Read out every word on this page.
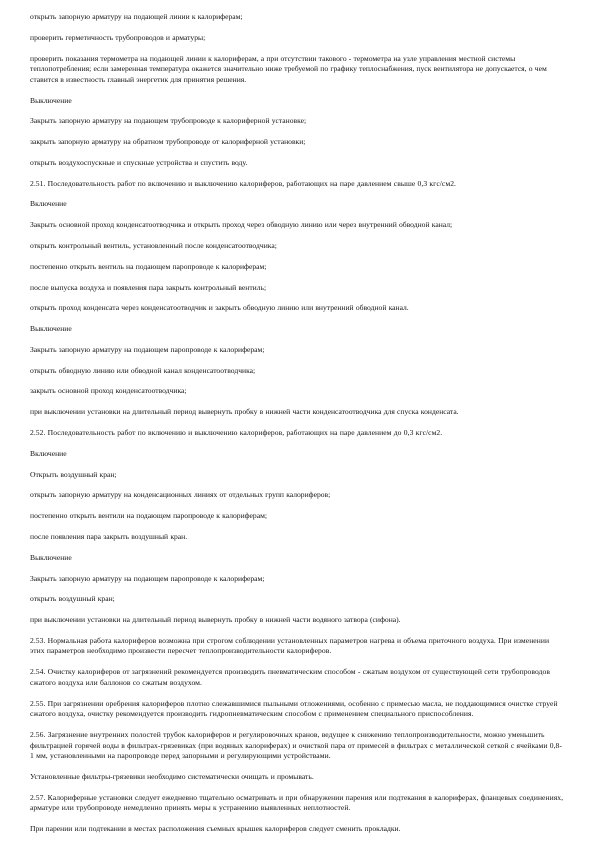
открыть запорную арматуру на подающей линии к калориферам;

проверить герметичность трубопроводов и арматуры;

проверить показания термометра на подающей линии к калориферам, а при отсутствии такового - термометра на узле управления местной системы теплопотребления; если замеренная температура окажется значительно ниже требуемой по графику теплоснабжения, пуск вентилятора не допускается, о чем ставится в известность главный энергетик для принятия решения.

Выключение

Закрыть запорную арматуру на подающем трубопроводе к калориферной установке;

закрыть запорную арматуру на обратном трубопроводе от калориферной установки;

открыть воздухоспускные и спускные устройства и спустить воду.

2.51. Последовательность работ по включению и выключению калориферов, работающих на паре давлением свыше 0,3 кгс/см2.

Включение

Закрыть основной проход конденсатоотводчика и открыть проход через обводную линию или через внутренний обводной канал;

открыть контрольный вентиль, установленный после конденсатоотводчика;

постепенно открыть вентиль на подающем паропроводе к калориферам;

после выпуска воздуха и появления пара закрыть контрольный вентиль;

открыть проход конденсата через конденсатоотводчик и закрыть обводную линию или внутренний обводной канал.

Выключение

Закрыть запорную арматуру на подающем паропроводе к калориферам;

открыть обводную линию или обводной канал конденсатоотводчика;

закрыть основной проход конденсатоотводчика;

при выключении установки на длительный период вывернуть пробку в нижней части конденсатоотводчика для спуска конденсата.

2.52. Последовательность работ по включению и выключению калориферов, работающих на паре давлением до 0,3 кгс/см2.

Включение

Открыть воздушный кран;

открыть запорную арматуру на конденсационных линиях от отдельных групп калориферов;

постепенно открыть вентили на подающем паропроводе к калориферам;

после появления пара закрыть воздушный кран.

Выключение

Закрыть запорную арматуру на подающем паропроводе к калориферам;

открыть воздушный кран;

при выключении установки на длительный период вывернуть пробку в нижней части водяного затвора (сифона).

2.53. Нормальная работа калориферов возможна при строгом соблюдении установленных параметров нагрева и объема приточного воздуха. При изменении этих параметров необходимо произвести пересчет теплопроизводительности калориферов.

2.54. Очистку калориферов от загрязнений рекомендуется производить пневматическим способом - сжатым воздухом от существующей сети трубопроводов сжатого воздуха или баллонов со сжатым воздухом.

2.55. При загрязнении оребрения калориферов плотно слежавшимися пыльными отложениями, особенно с примесью масла, не поддающимися очистке струей сжатого воздуха, очистку рекомендуется производить гидропневматическим способом с применением специального приспособления.

2.56. Загрязнение внутренних полостей трубок калориферов и регулировочных кранов, ведущее к снижению теплопроизводительности, можно уменьшить фильтрацией горячей воды в фильтрах-грязевиках (при водяных калориферах) и очисткой пара от примесей в фильтрах с металлической сеткой с ячейками 0,8-1 мм, установленными на паропроводе перед запорными и регулирующими устройствами.

Установленные фильтры-грязевики необходимо систематически очищать и промывать.

2.57. Калориферные установки следует ежедневно тщательно осматривать и при обнаружении парения или подтекания в калориферах, фланцевых соединениях, арматуре или трубопроводе немедленно принять меры к устранению выявленных неплотностей.

При парении или подтекании в местах расположения съемных крышек калориферов следует сменить прокладки.
